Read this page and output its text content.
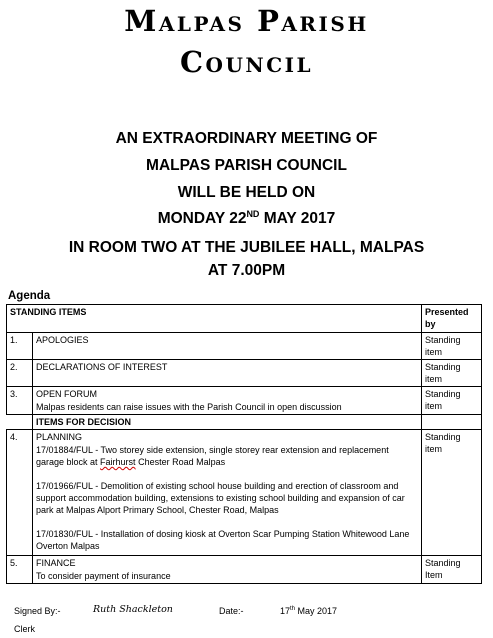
Malpas Parish
Council
AN EXTRAORDINARY MEETING OF
MALPAS PARISH COUNCIL
WILL BE HELD ON
MONDAY 22ND MAY 2017
IN ROOM TWO AT THE JUBILEE HALL, MALPAS
AT 7.00PM
Agenda
STANDING ITEMS		Presented by
1.	APOLOGIES	Standing item
2.	DECLARATIONS OF INTEREST	Standing item
3.	OPEN FORUM
Malpas residents can raise issues with the Parish Council in open discussion	Standing item
	ITEMS FOR DECISION	
4.	PLANNING
17/01884/FUL - Two storey side extension, single storey rear extension and replacement garage block at Fairhurst Chester Road Malpas
17/01966/FUL - Demolition of existing school house building and erection of classroom and support accommodation building, extensions to existing school building and expansion of car park at Malpas Alport Primary School, Chester Road, Malpas
17/01830/FUL - Installation of dosing kiosk at Overton Scar Pumping Station Whitewood Lane Overton Malpas	Standing item
5.	FINANCE
To consider payment of insurance	Standing Item
Signed By:-	Ruth Shackleton	Date:-	17th May 2017
Clerk
